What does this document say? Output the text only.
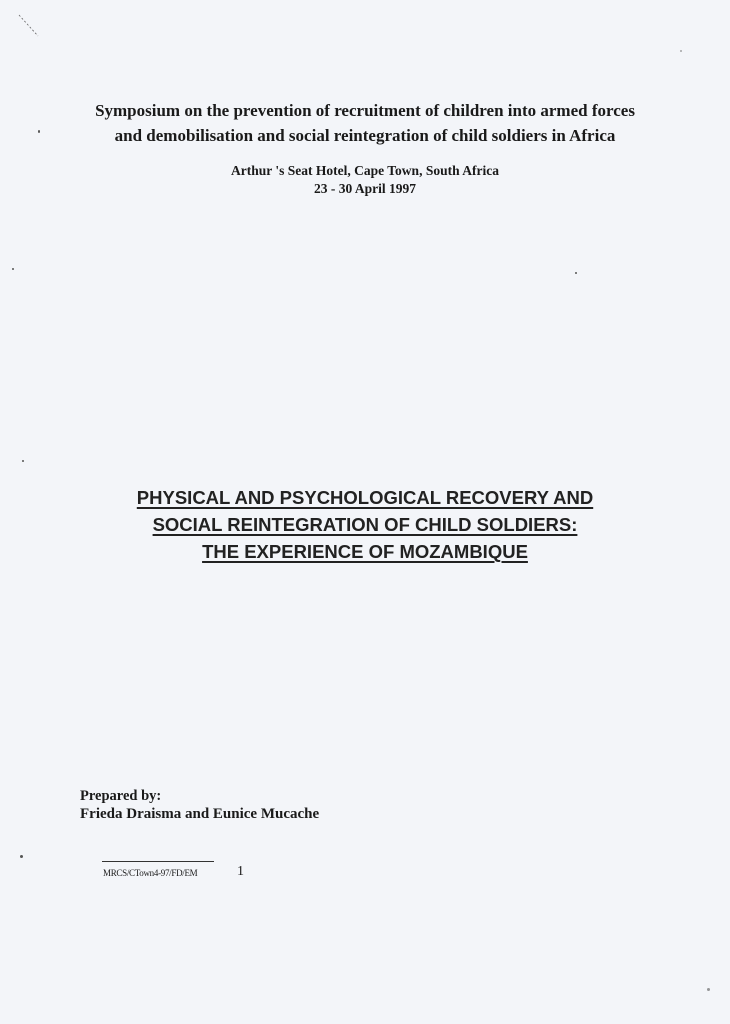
Symposium on the prevention of recruitment of children into armed forces
and demobilisation and social reintegration of child soldiers in Africa
Arthur 's Seat Hotel, Cape Town, South Africa
23 - 30 April 1997
PHYSICAL AND PSYCHOLOGICAL RECOVERY AND
SOCIAL REINTEGRATION OF CHILD SOLDIERS:
THE EXPERIENCE OF MOZAMBIQUE
Prepared by:
Frieda Draisma and Eunice Mucache
MRCS/CTown4-97/FD/EM	1
